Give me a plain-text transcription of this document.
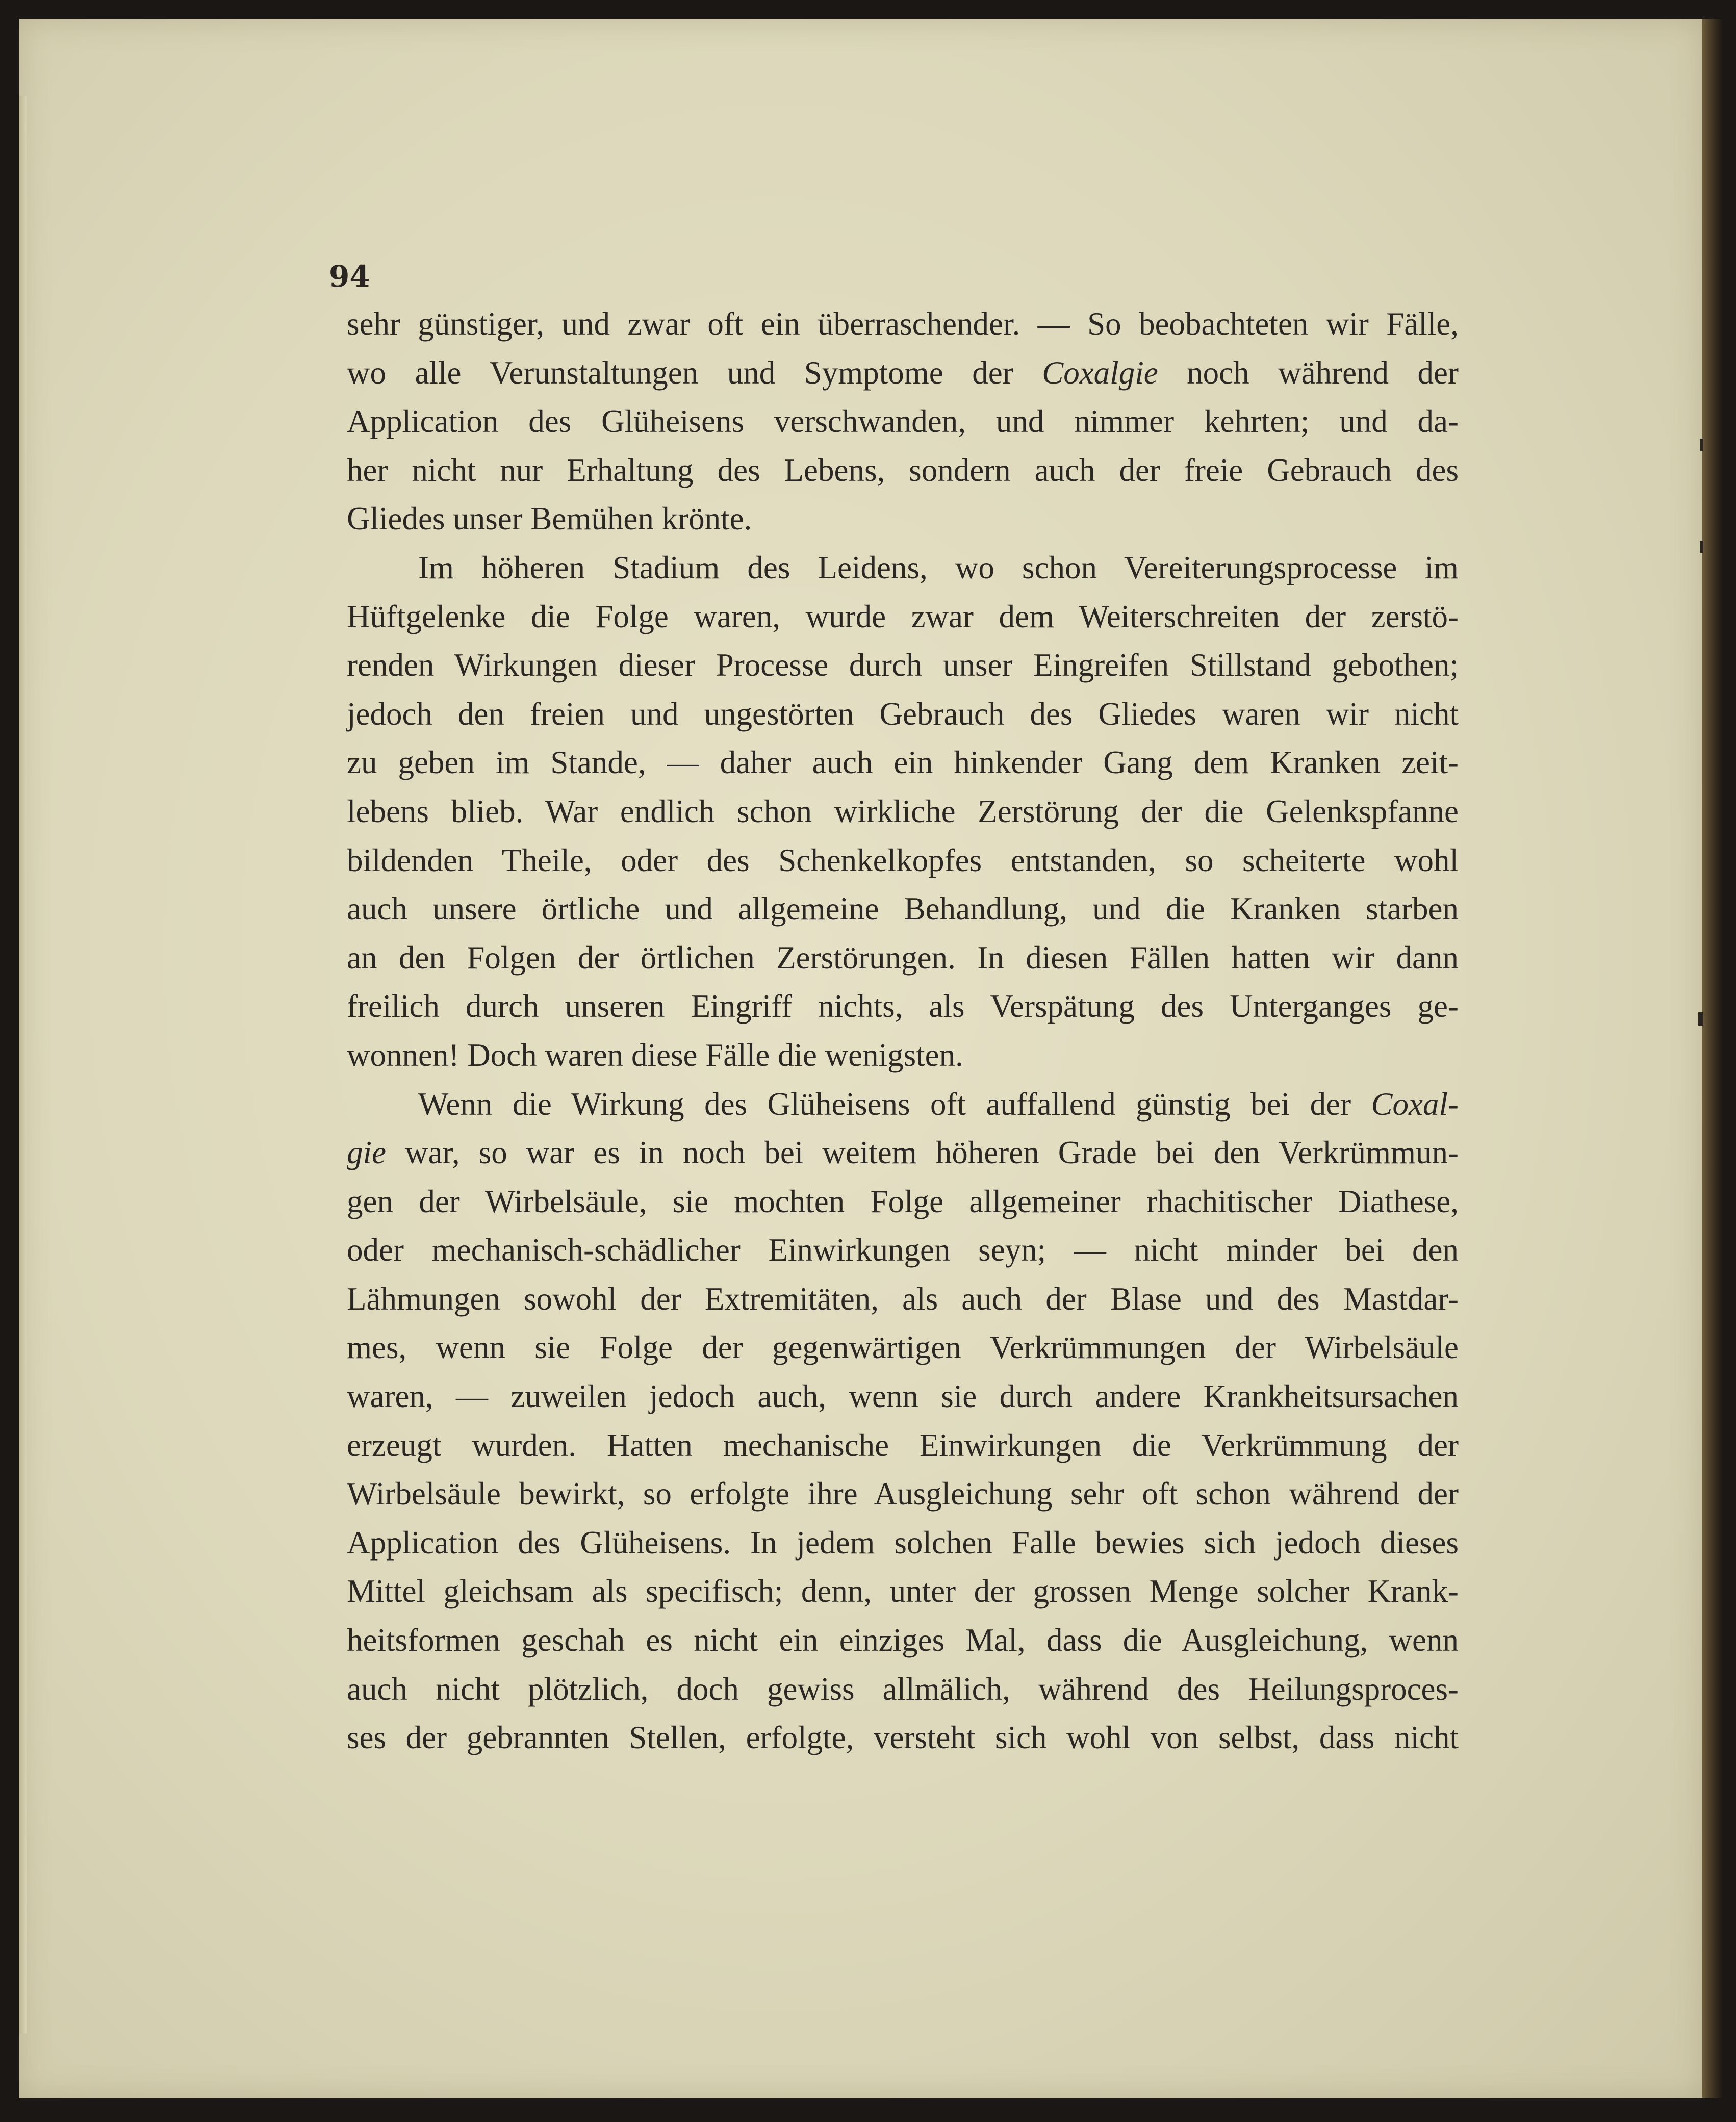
94
sehr günstiger, und zwar oft ein überraschender. — So beobachteten wir Fälle,
wo alle Verunstaltungen und Symptome der Coxalgie noch während der
Application des Glüheisens verschwanden, und nimmer kehrten; und da-
her nicht nur Erhaltung des Lebens, sondern auch der freie Gebrauch des
Gliedes unser Bemühen krönte.
Im höheren Stadium des Leidens, wo schon Vereiterungsprocesse im
Hüftgelenke die Folge waren, wurde zwar dem Weiterschreiten der zerstö-
renden Wirkungen dieser Processe durch unser Eingreifen Stillstand gebothen;
jedoch den freien und ungestörten Gebrauch des Gliedes waren wir nicht
zu geben im Stande, — daher auch ein hinkender Gang dem Kranken zeit-
lebens blieb. War endlich schon wirkliche Zerstörung der die Gelenkspfanne
bildenden Theile, oder des Schenkelkopfes entstanden, so scheiterte wohl
auch unsere örtliche und allgemeine Behandlung, und die Kranken starben
an den Folgen der örtlichen Zerstörungen. In diesen Fällen hatten wir dann
freilich durch unseren Eingriff nichts, als Verspätung des Unterganges ge-
wonnen! Doch waren diese Fälle die wenigsten.
Wenn die Wirkung des Glüheisens oft auffallend günstig bei der Coxal-
gie war, so war es in noch bei weitem höheren Grade bei den Verkrümmun-
gen der Wirbelsäule, sie mochten Folge allgemeiner rhachitischer Diathese,
oder mechanisch-schädlicher Einwirkungen seyn; — nicht minder bei den
Lähmungen sowohl der Extremitäten, als auch der Blase und des Mastdar-
mes, wenn sie Folge der gegenwärtigen Verkrümmungen der Wirbelsäule
waren, — zuweilen jedoch auch, wenn sie durch andere Krankheitsursachen
erzeugt wurden. Hatten mechanische Einwirkungen die Verkrümmung der
Wirbelsäule bewirkt, so erfolgte ihre Ausgleichung sehr oft schon während der
Application des Glüheisens. In jedem solchen Falle bewies sich jedoch dieses
Mittel gleichsam als specifisch; denn, unter der grossen Menge solcher Krank-
heitsformen geschah es nicht ein einziges Mal, dass die Ausgleichung, wenn
auch nicht plötzlich, doch gewiss allmälich, während des Heilungsproces-
ses der gebrannten Stellen, erfolgte, versteht sich wohl von selbst, dass nicht
